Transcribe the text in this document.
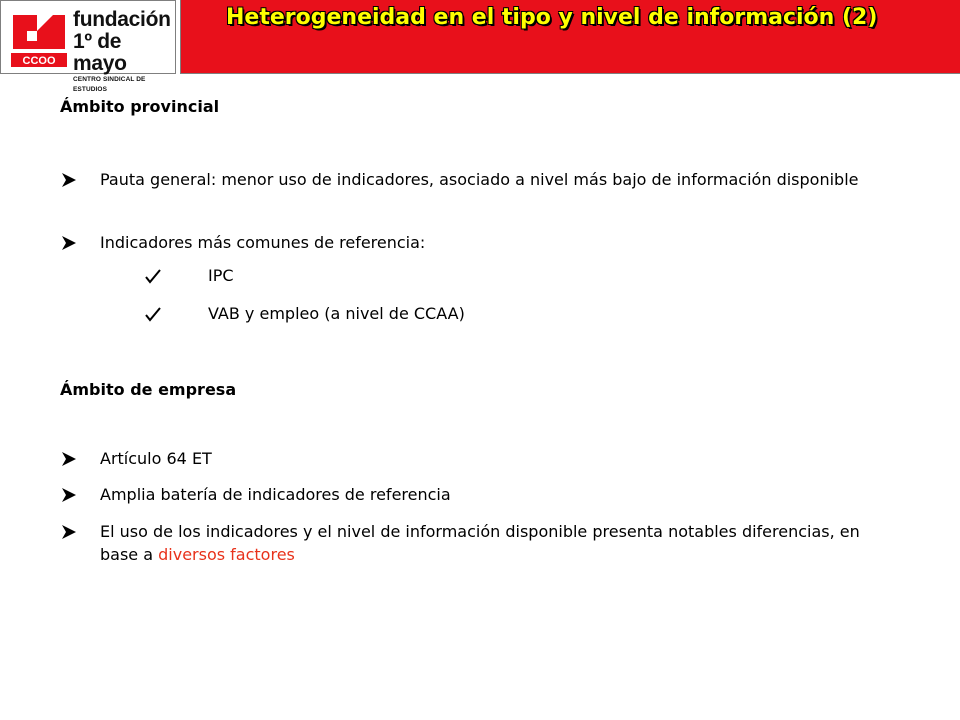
CCOO
fundación
1º de mayo
CENTRO SINDICAL DE ESTUDIOS
Heterogeneidad en el tipo y nivel de información (2)
Ámbito provincial
Pauta general: menor uso de indicadores, asociado a nivel más bajo de información disponible
Indicadores más comunes de referencia:
IPC
VAB y empleo (a nivel de CCAA)
Ámbito de empresa
Artículo 64 ET
Amplia batería de indicadores de referencia
El uso de los indicadores y el nivel de información disponible presenta notables diferencias, en base a diversos factores
